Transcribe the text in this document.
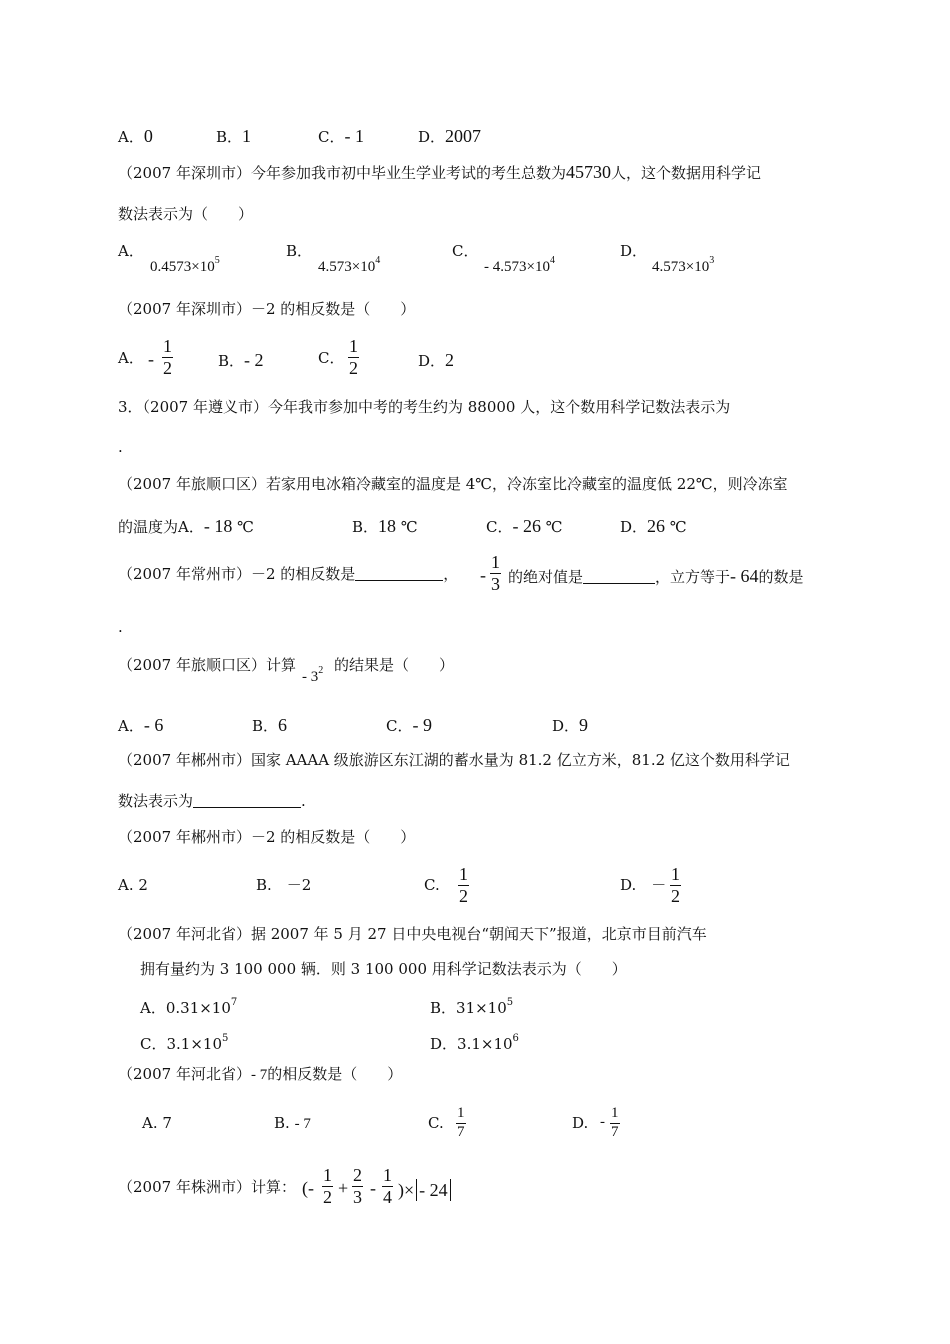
A．0	B．1	C．- 1	D．2007
（2007 年深圳市）今年参加我市初中毕业生学业考试的考生总数为45730人，这个数据用科学记
数法表示为（　　）
A．
$0.4573\times 10^5$
B．
$4.573\times 10^4$
C．
- $4.573\times 10^4$
D．
$4.573\times 10^3$
（2007 年深圳市）－2 的相反数是（　　）
A． - $\frac{1}{2}$	B．- 2	C． $\frac{1}{2}$	D．2
3．（2007 年遵义市）今年我市参加中考的考生约为 88000 人，这个数用科学记数法表示为
.
（2007 年旅顺口区）若家用电冰箱冷藏室的温度是 4℃，冷冻室比冷藏室的温度低 22℃，则冷冻室
的温度为A．- 18 ℃	B．18 ℃	C．- 26 ℃	D．26 ℃
（2007 年常州市）－2 的相反数是	， - $\frac{1}{3}$ 的绝对值是	，立方等于- 64的数是
.
（2007 年旅顺口区）计算
- $3^2$ 的结果是（　　）
A．- 6	B．6	C．- 9	D．9
（2007 年郴州市）国家 AAAA 级旅游区东江湖的蓄水量为 81.2 亿立方米，81.2 亿这个数用科学记
数法表示为	.
（2007 年郴州市）－2 的相反数是（　　）
A. 2	B.　－2	C. $\frac{1}{2}$	D.　－ $\frac{1}{2}$
（2007 年河北省）据 2007 年 5 月 27 日中央电视台“朝闻天下”报道，北京市目前汽车
拥有量约为 3 100 000 辆．则 3 100 000 用科学记数法表示为（　　）
A．$0.31\times 10^7$	B．$31\times 10^5$
C．$3.1\times 10^5$	D．$3.1\times 10^6$
（2007 年河北省）- 7的相反数是（　　）
A. 7	B. - 7	C. $\frac{1}{7}$	D. - $\frac{1}{7}$
（2007 年株洲市）计算： (- $\frac{1}{2} + \frac{2}{3} - \frac{1}{4}$ )× - 24
